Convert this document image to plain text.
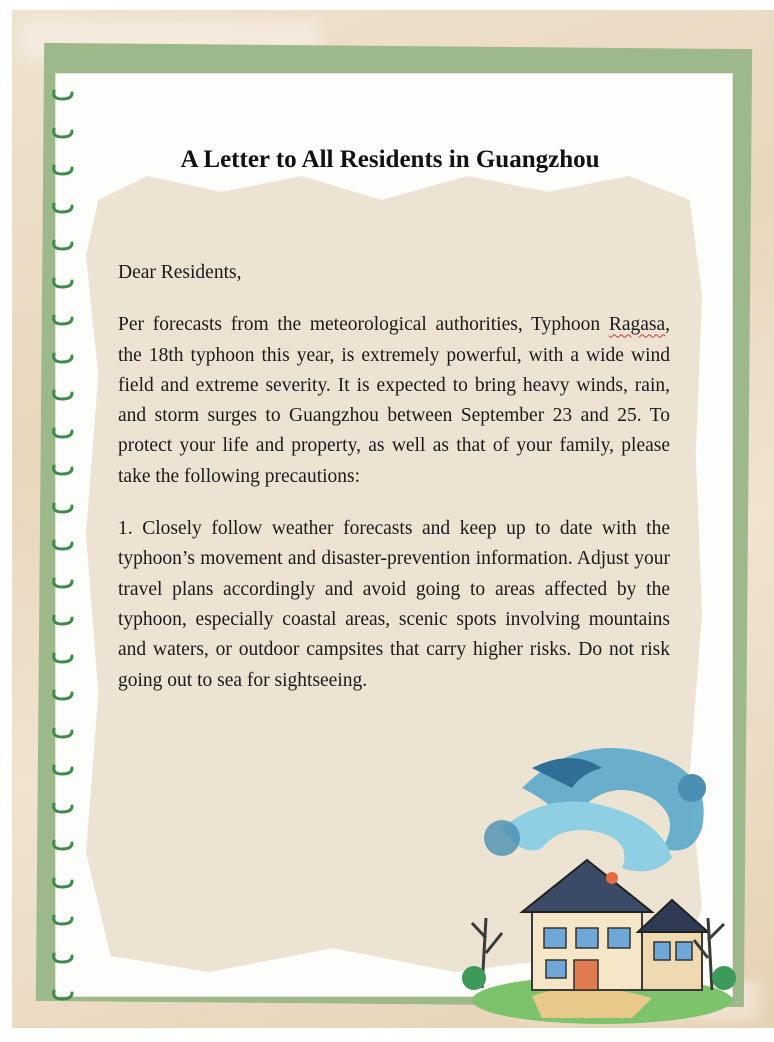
A Letter to All Residents in Guangzhou

Dear Residents,

Per forecasts from the meteorological authorities, Typhoon Ragasa, the 18th typhoon this year, is extremely powerful, with a wide wind field and extreme severity. It is expected to bring heavy winds, rain, and storm surges to Guangzhou between September 23 and 25. To protect your life and property, as well as that of your family, please take the following precautions:

1. Closely follow weather forecasts and keep up to date with the typhoon’s movement and disaster-prevention information. Adjust your travel plans accordingly and avoid going to areas affected by the typhoon, especially coastal areas, scenic spots involving mountains and waters, or outdoor campsites that carry higher risks. Do not risk going out to sea for sightseeing.
